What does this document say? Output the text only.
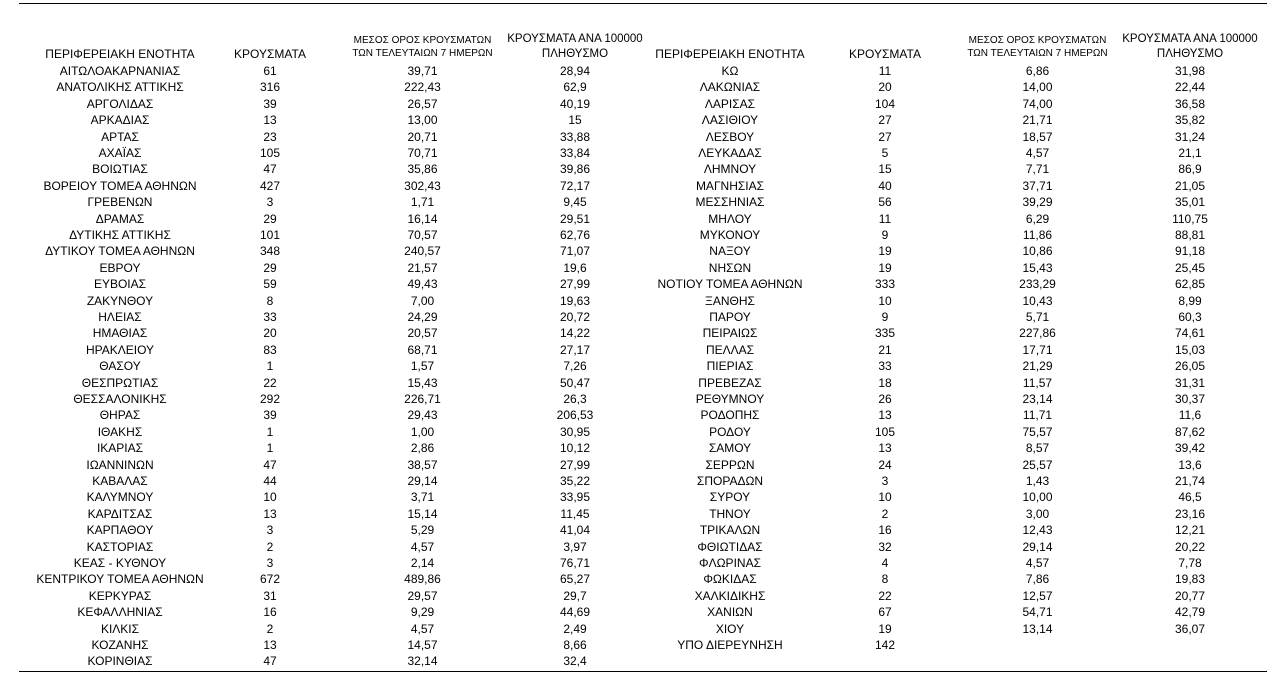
ΠΕΡΙΦΕΡΕΙΑΚΗ ΕΝΟΤΗΤΑ	ΚΡΟΥΣΜΑΤΑ
ΜΕΣΟΣ ΟΡΟΣ ΚΡΟΥΣΜΑΤΩΝ
ΤΩΝ ΤΕΛΕΥΤΑΙΩΝ 7 ΗΜΕΡΩΝ
ΚΡΟΥΣΜΑΤΑ ΑΝΑ 100000
ΠΛΗΘΥΣΜΟ
ΑΙΤΩΛΟΑΚΑΡΝΑΝΙΑΣ	61	39,71	28,94
ΑΝΑΤΟΛΙΚΗΣ ΑΤΤΙΚΗΣ	316	222,43	62,9
ΑΡΓΟΛΙΔΑΣ	39	26,57	40,19
ΑΡΚΑΔΙΑΣ	13	13,00	15
ΑΡΤΑΣ	23	20,71	33,88
ΑΧΑΪΑΣ	105	70,71	33,84
ΒΟΙΩΤΙΑΣ	47	35,86	39,86
ΒΟΡΕΙΟΥ ΤΟΜΕΑ ΑΘΗΝΩΝ	427	302,43	72,17
ΓΡΕΒΕΝΩΝ	3	1,71	9,45
ΔΡΑΜΑΣ	29	16,14	29,51
ΔΥΤΙΚΗΣ ΑΤΤΙΚΗΣ	101	70,57	62,76
ΔΥΤΙΚΟΥ ΤΟΜΕΑ ΑΘΗΝΩΝ	348	240,57	71,07
ΕΒΡΟΥ	29	21,57	19,6
ΕΥΒΟΙΑΣ	59	49,43	27,99
ΖΑΚΥΝΘΟΥ	8	7,00	19,63
ΗΛΕΙΑΣ	33	24,29	20,72
ΗΜΑΘΙΑΣ	20	20,57	14,22
ΗΡΑΚΛΕΙΟΥ	83	68,71	27,17
ΘΑΣΟΥ	1	1,57	7,26
ΘΕΣΠΡΩΤΙΑΣ	22	15,43	50,47
ΘΕΣΣΑΛΟΝΙΚΗΣ	292	226,71	26,3
ΘΗΡΑΣ	39	29,43	206,53
ΙΘΑΚΗΣ	1	1,00	30,95
ΙΚΑΡΙΑΣ	1	2,86	10,12
ΙΩΑΝΝΙΝΩΝ	47	38,57	27,99
ΚΑΒΑΛΑΣ	44	29,14	35,22
ΚΑΛΥΜΝΟΥ	10	3,71	33,95
ΚΑΡΔΙΤΣΑΣ	13	15,14	11,45
ΚΑΡΠΑΘΟΥ	3	5,29	41,04
ΚΑΣΤΟΡΙΑΣ	2	4,57	3,97
ΚΕΑΣ - ΚΥΘΝΟΥ	3	2,14	76,71
ΚΕΝΤΡΙΚΟΥ ΤΟΜΕΑ ΑΘΗΝΩΝ	672	489,86	65,27
ΚΕΡΚΥΡΑΣ	31	29,57	29,7
ΚΕΦΑΛΛΗΝΙΑΣ	16	9,29	44,69
ΚΙΛΚΙΣ	2	4,57	2,49
ΚΟΖΑΝΗΣ	13	14,57	8,66
ΚΟΡΙΝΘΙΑΣ	47	32,14	32,4
ΠΕΡΙΦΕΡΕΙΑΚΗ ΕΝΟΤΗΤΑ	ΚΡΟΥΣΜΑΤΑ
ΜΕΣΟΣ ΟΡΟΣ ΚΡΟΥΣΜΑΤΩΝ
ΤΩΝ ΤΕΛΕΥΤΑΙΩΝ 7 ΗΜΕΡΩΝ
ΚΡΟΥΣΜΑΤΑ ΑΝΑ 100000
ΠΛΗΘΥΣΜΟ
ΚΩ	11	6,86	31,98
ΛΑΚΩΝΙΑΣ	20	14,00	22,44
ΛΑΡΙΣΑΣ	104	74,00	36,58
ΛΑΣΙΘΙΟΥ	27	21,71	35,82
ΛΕΣΒΟΥ	27	18,57	31,24
ΛΕΥΚΑΔΑΣ	5	4,57	21,1
ΛΗΜΝΟΥ	15	7,71	86,9
ΜΑΓΝΗΣΙΑΣ	40	37,71	21,05
ΜΕΣΣΗΝΙΑΣ	56	39,29	35,01
ΜΗΛΟΥ	11	6,29	110,75
ΜΥΚΟΝΟΥ	9	11,86	88,81
ΝΑΞΟΥ	19	10,86	91,18
ΝΗΣΩΝ	19	15,43	25,45
ΝΟΤΙΟΥ ΤΟΜΕΑ ΑΘΗΝΩΝ	333	233,29	62,85
ΞΑΝΘΗΣ	10	10,43	8,99
ΠΑΡΟΥ	9	5,71	60,3
ΠΕΙΡΑΙΩΣ	335	227,86	74,61
ΠΕΛΛΑΣ	21	17,71	15,03
ΠΙΕΡΙΑΣ	33	21,29	26,05
ΠΡΕΒΕΖΑΣ	18	11,57	31,31
ΡΕΘΥΜΝΟΥ	26	23,14	30,37
ΡΟΔΟΠΗΣ	13	11,71	11,6
ΡΟΔΟΥ	105	75,57	87,62
ΣΑΜΟΥ	13	8,57	39,42
ΣΕΡΡΩΝ	24	25,57	13,6
ΣΠΟΡΑΔΩΝ	3	1,43	21,74
ΣΥΡΟΥ	10	10,00	46,5
ΤΗΝΟΥ	2	3,00	23,16
ΤΡΙΚΑΛΩΝ	16	12,43	12,21
ΦΘΙΩΤΙΔΑΣ	32	29,14	20,22
ΦΛΩΡΙΝΑΣ	4	4,57	7,78
ΦΩΚΙΔΑΣ	8	7,86	19,83
ΧΑΛΚΙΔΙΚΗΣ	22	12,57	20,77
ΧΑΝΙΩΝ	67	54,71	42,79
ΧΙΟΥ	19	13,14	36,07
ΥΠΟ ΔΙΕΡΕΥΝΗΣΗ	142
